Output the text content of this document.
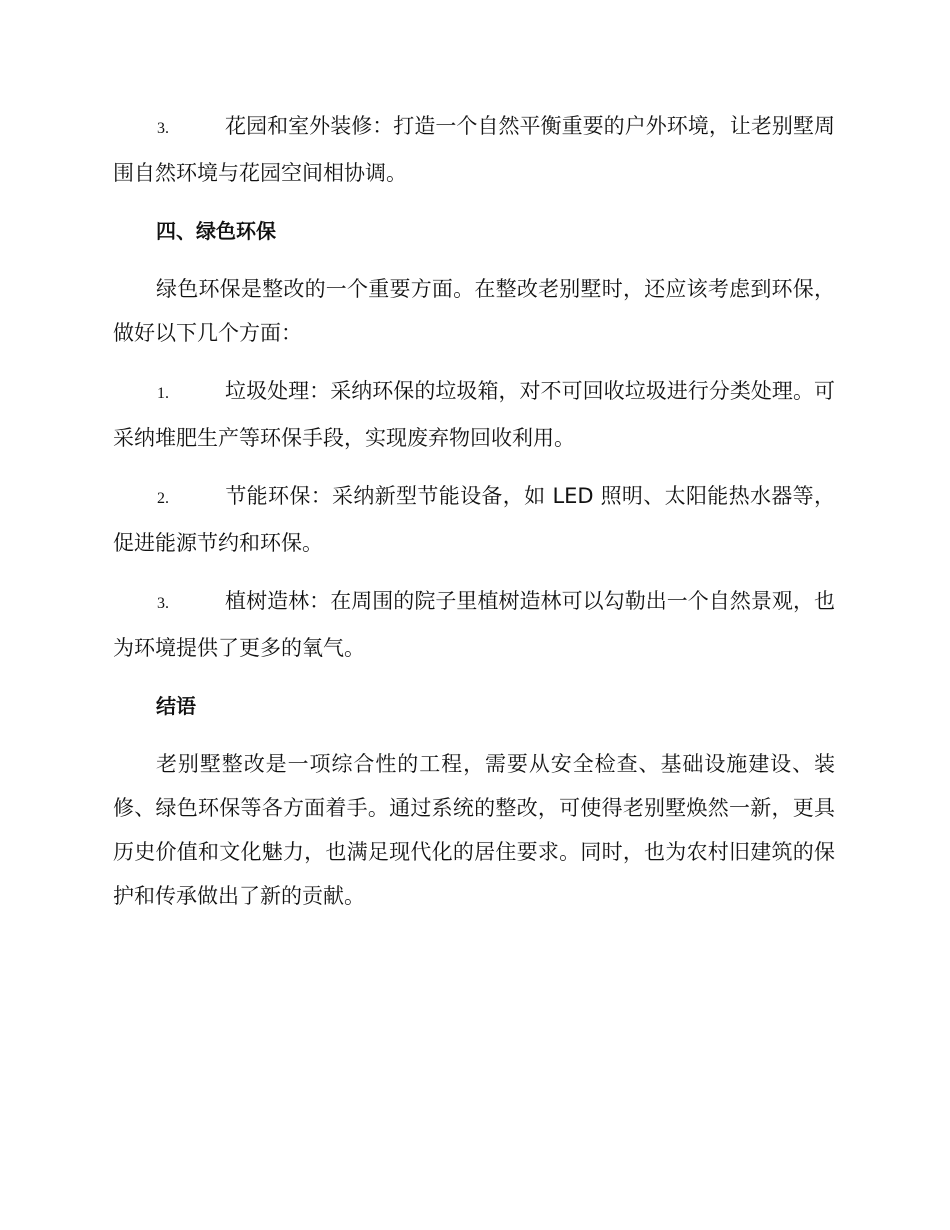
3.	花园和室外装修：打造一个自然平衡重要的户外环境，让老别墅周围自然环境与花园空间相协调。

四、绿色环保

绿色环保是整改的一个重要方面。在整改老别墅时，还应该考虑到环保，做好以下几个方面：

1.	垃圾处理：采纳环保的垃圾箱，对不可回收垃圾进行分类处理。可采纳堆肥生产等环保手段，实现废弃物回收利用。

2.	节能环保：采纳新型节能设备，如 LED 照明、太阳能热水器等，促进能源节约和环保。

3.	植树造林：在周围的院子里植树造林可以勾勒出一个自然景观，也为环境提供了更多的氧气。

结语

老别墅整改是一项综合性的工程，需要从安全检查、基础设施建设、装修、绿色环保等各方面着手。通过系统的整改，可使得老别墅焕然一新，更具历史价值和文化魅力，也满足现代化的居住要求。同时，也为农村旧建筑的保护和传承做出了新的贡献。
